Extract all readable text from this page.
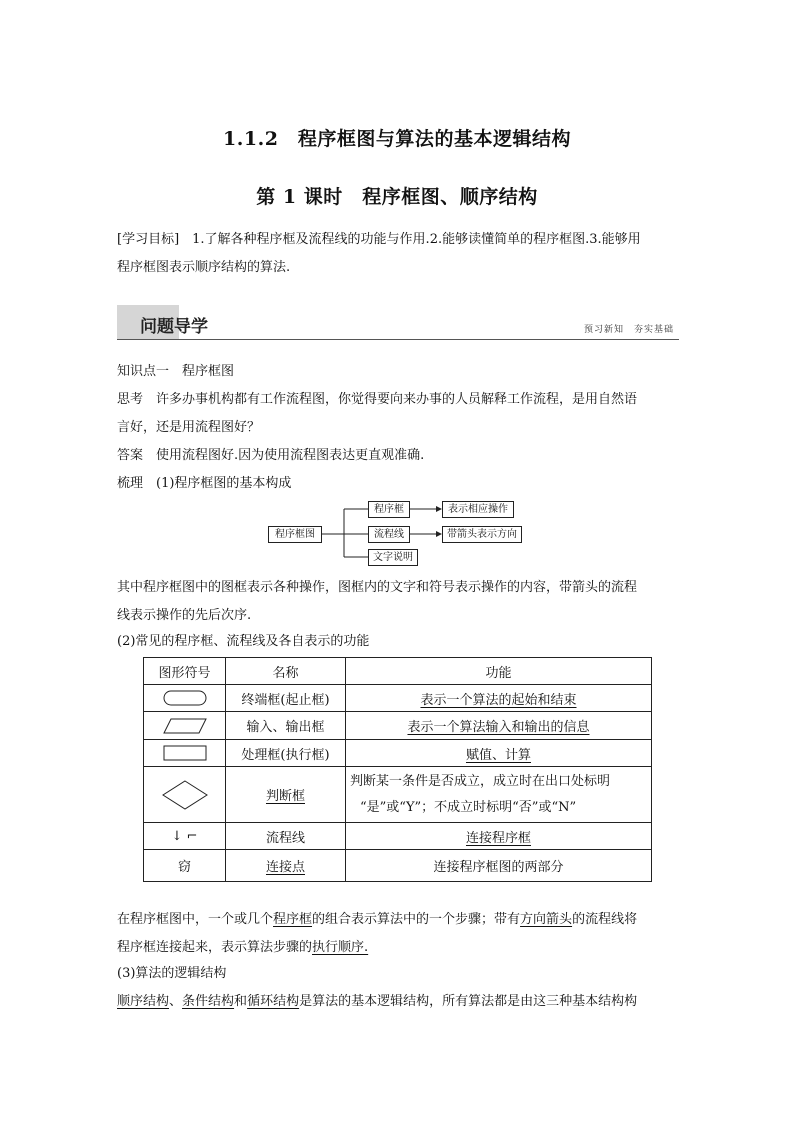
1.1.2　程序框图与算法的基本逻辑结构
第 1 课时　程序框图、顺序结构
[学习目标]　1.了解各种程序框及流程线的功能与作用.2.能够读懂简单的程序框图.3.能够用
程序框图表示顺序结构的算法.
问题导学	预习新知　夯实基础
知识点一　程序框图
思考　许多办事机构都有工作流程图，你觉得要向来办事的人员解释工作流程，是用自然语
言好，还是用流程图好？
答案　使用流程图好.因为使用流程图表达更直观准确.
梳理　(1)程序框图的基本构成
程序框图
程序框
流程线
文字说明
表示相应操作
带箭头表示方向
其中程序框图中的图框表示各种操作，图框内的文字和符号表示操作的内容，带箭头的流程
线表示操作的先后次序.
(2)常见的程序框、流程线及各自表示的功能
图形符号	名称	功能

	终端框(起止框)	表示一个算法的起始和结束

	输入、输出框	表示一个算法输入和输出的信息

	处理框(执行框)	赋值、计算

	判断框	判断某一条件是否成立，成立时在出口处标明
“是”或“Y”；不成立时标明“否”或“N”
↓ ⌐	流程线	连接程序框
窃	连接点	连接程序框图的两部分
在程序框图中，一个或几个程序框的组合表示算法中的一个步骤；带有方向箭头的流程线将
程序框连接起来，表示算法步骤的执行顺序.
(3)算法的逻辑结构
顺序结构、条件结构和循环结构是算法的基本逻辑结构，所有算法都是由这三种基本结构构
